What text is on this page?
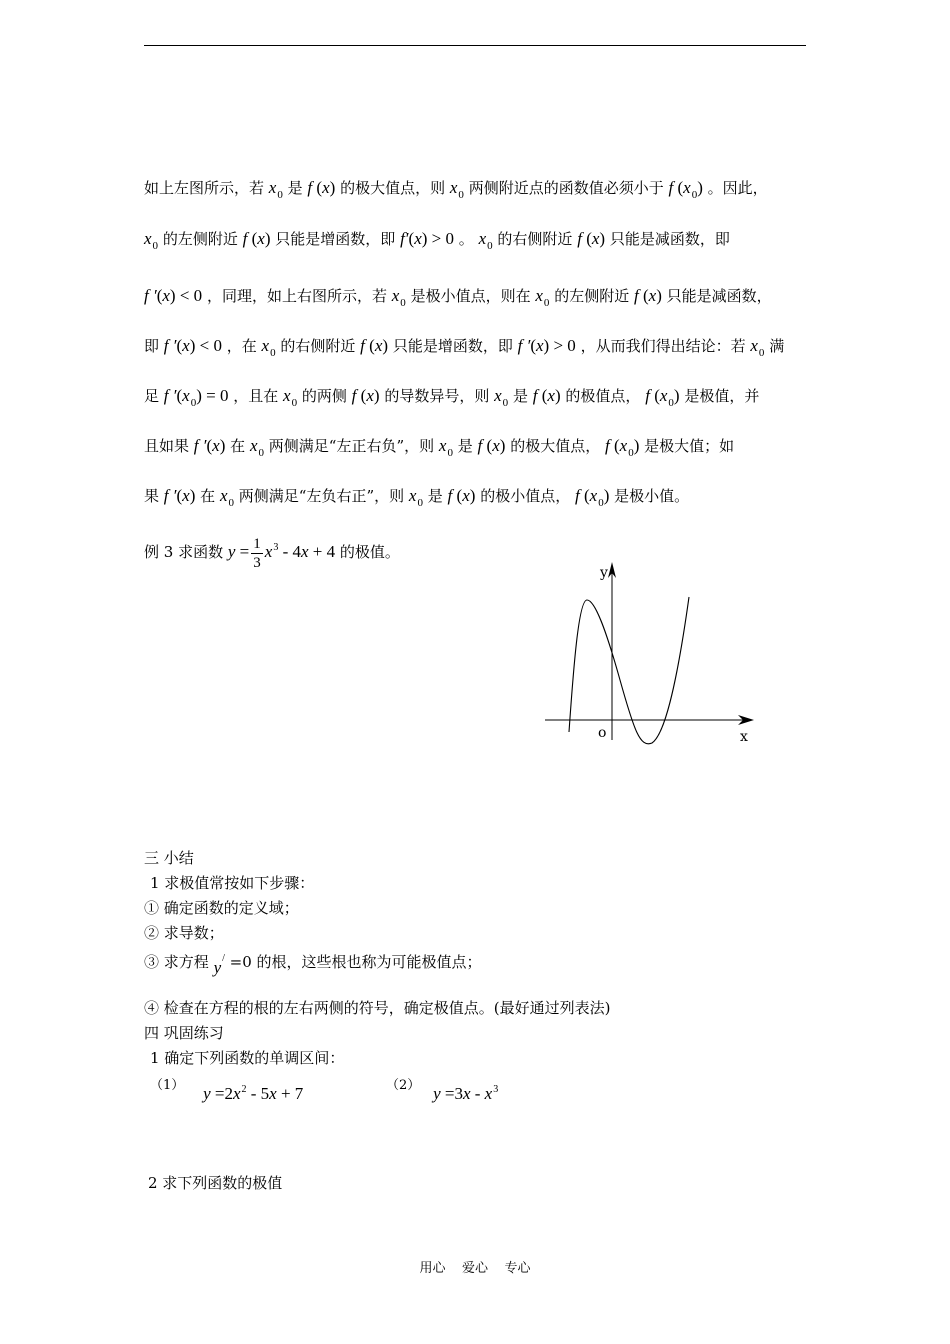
如上左图所示，若 $x_0$ 是 f (x) 的极大值点，则 $x_0$ 两侧附近点的函数值必须小于 f $(x_0)$ 。因此，
$x_0$ 的左侧附近 f (x) 只能是增函数，即 f′(x) > 0 。 $x_0$ 的右侧附近 f (x) 只能是减函数，即
f ′(x) < 0 ，同理，如上右图所示，若 $x_0$ 是极小值点，则在 $x_0$ 的左侧附近 f (x) 只能是减函数，
即 f ′(x) < 0 ，在 $x_0$ 的右侧附近 f (x) 只能是增函数，即 f ′(x) > 0 ，从而我们得出结论：若 $x_0$ 满
足 f $'(x_0) = 0$ ，且在 $x_0$ 的两侧 f (x) 的导数异号，则 $x_0$ 是 f (x) 的极值点， f $(x_0)$ 是极值，并
且如果 f ′(x) 在 $x_0$ 两侧满足“左正右负”，则 $x_0$ 是 f (x) 的极大值点， f $(x_0)$ 是极大值；如
果 f ′(x) 在 $x_0$ 两侧满足“左负右正”，则 $x_0$ 是 f (x) 的极小值点， f $(x_0)$ 是极小值。
例 3 求函数 $y = \frac{1}{3} x^3 - 4x + 4$ 的极值。
y
x
o
三 小结
1 求极值常按如下步骤：
① 确定函数的定义域；
② 求导数；
③ 求方程 y/ =0 的根，这些根也称为可能极值点；
④ 检查在方程的根的左右两侧的符号，确定极值点。(最好通过列表法)
四 巩固练习
1 确定下列函数的单调区间：
（1） $y =2x^2 - 5x + 7$	（2） $y =3x - x^3$
2 求下列函数的极值
用心    爱心    专心
